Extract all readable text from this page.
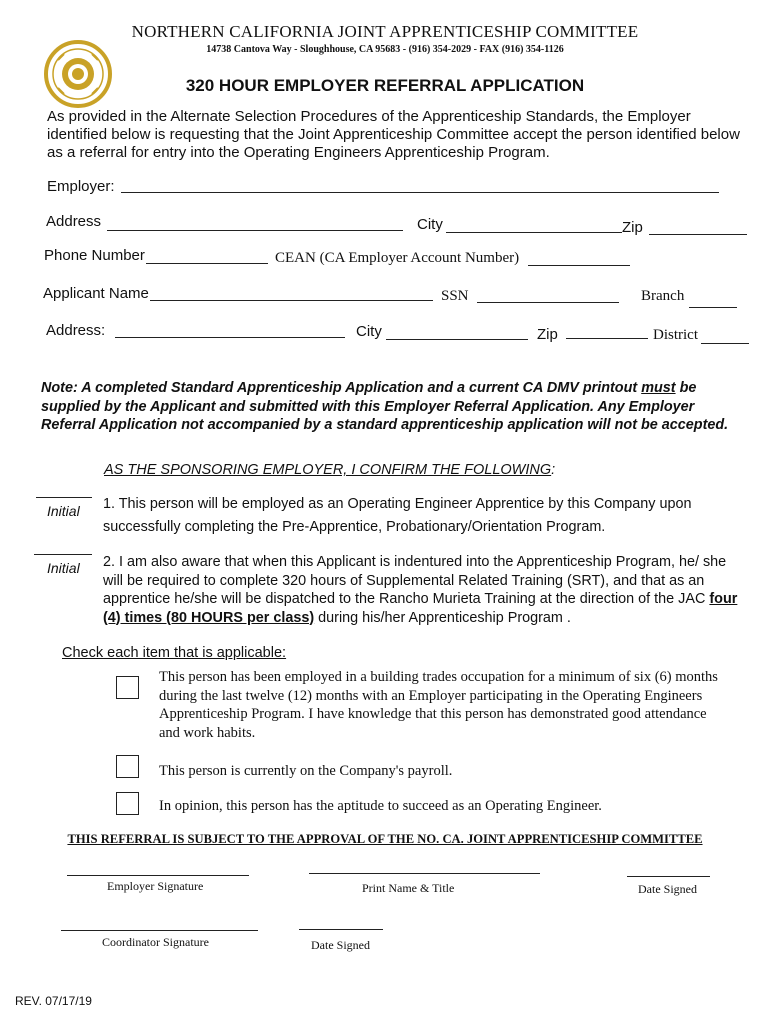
NORTHERN CALIFORNIA JOINT APPRENTICESHIP COMMITTEE
14738 Cantova Way - Sloughhouse, CA 95683 - (916) 354-2029 - FAX (916) 354-1126
320 HOUR EMPLOYER REFERRAL APPLICATION
As provided in the Alternate Selection Procedures of the Apprenticeship Standards, the Employer identified below is requesting that the Joint Apprenticeship Committee accept the person identified below as a referral for entry into the Operating Engineers Apprenticeship Program.
Employer:
Address	City	Zip
Phone Number	CEAN (CA Employer Account Number)
Applicant Name	SSN	Branch
Address:	City	Zip	District
Note: A completed Standard Apprenticeship Application and a current CA DMV printout must be supplied by the Applicant and submitted with this Employer Referral Application. Any Employer Referral Application not accompanied by a standard apprenticeship application will not be accepted.
AS THE SPONSORING EMPLOYER, I CONFIRM THE FOLLOWING:
Initial 1. This person will be employed as an Operating Engineer Apprentice by this Company upon successfully completing the Pre-Apprentice, Probationary/Orientation Program.
Initial 2. I am also aware that when this Applicant is indentured into the Apprenticeship Program, he/ she will be required to complete 320 hours of Supplemental Related Training (SRT), and that as an apprentice he/she will be dispatched to the Rancho Murieta Training at the direction of the JAC four (4) times (80 HOURS per class) during his/her Apprenticeship Program .
Check each item that is applicable:
This person has been employed in a building trades occupation for a minimum of six (6) months during the last twelve (12) months with an Employer participating in the Operating Engineers Apprenticeship Program. I have knowledge that this person has demonstrated good attendance and work habits.
This person is currently on the Company's payroll.
In opinion, this person has the aptitude to succeed as an Operating Engineer.
THIS REFERRAL IS SUBJECT TO THE APPROVAL OF THE NO. CA. JOINT APPRENTICESHIP COMMITTEE
Employer Signature	Print Name & Title	Date Signed
Coordinator Signature	Date Signed
REV. 07/17/19
